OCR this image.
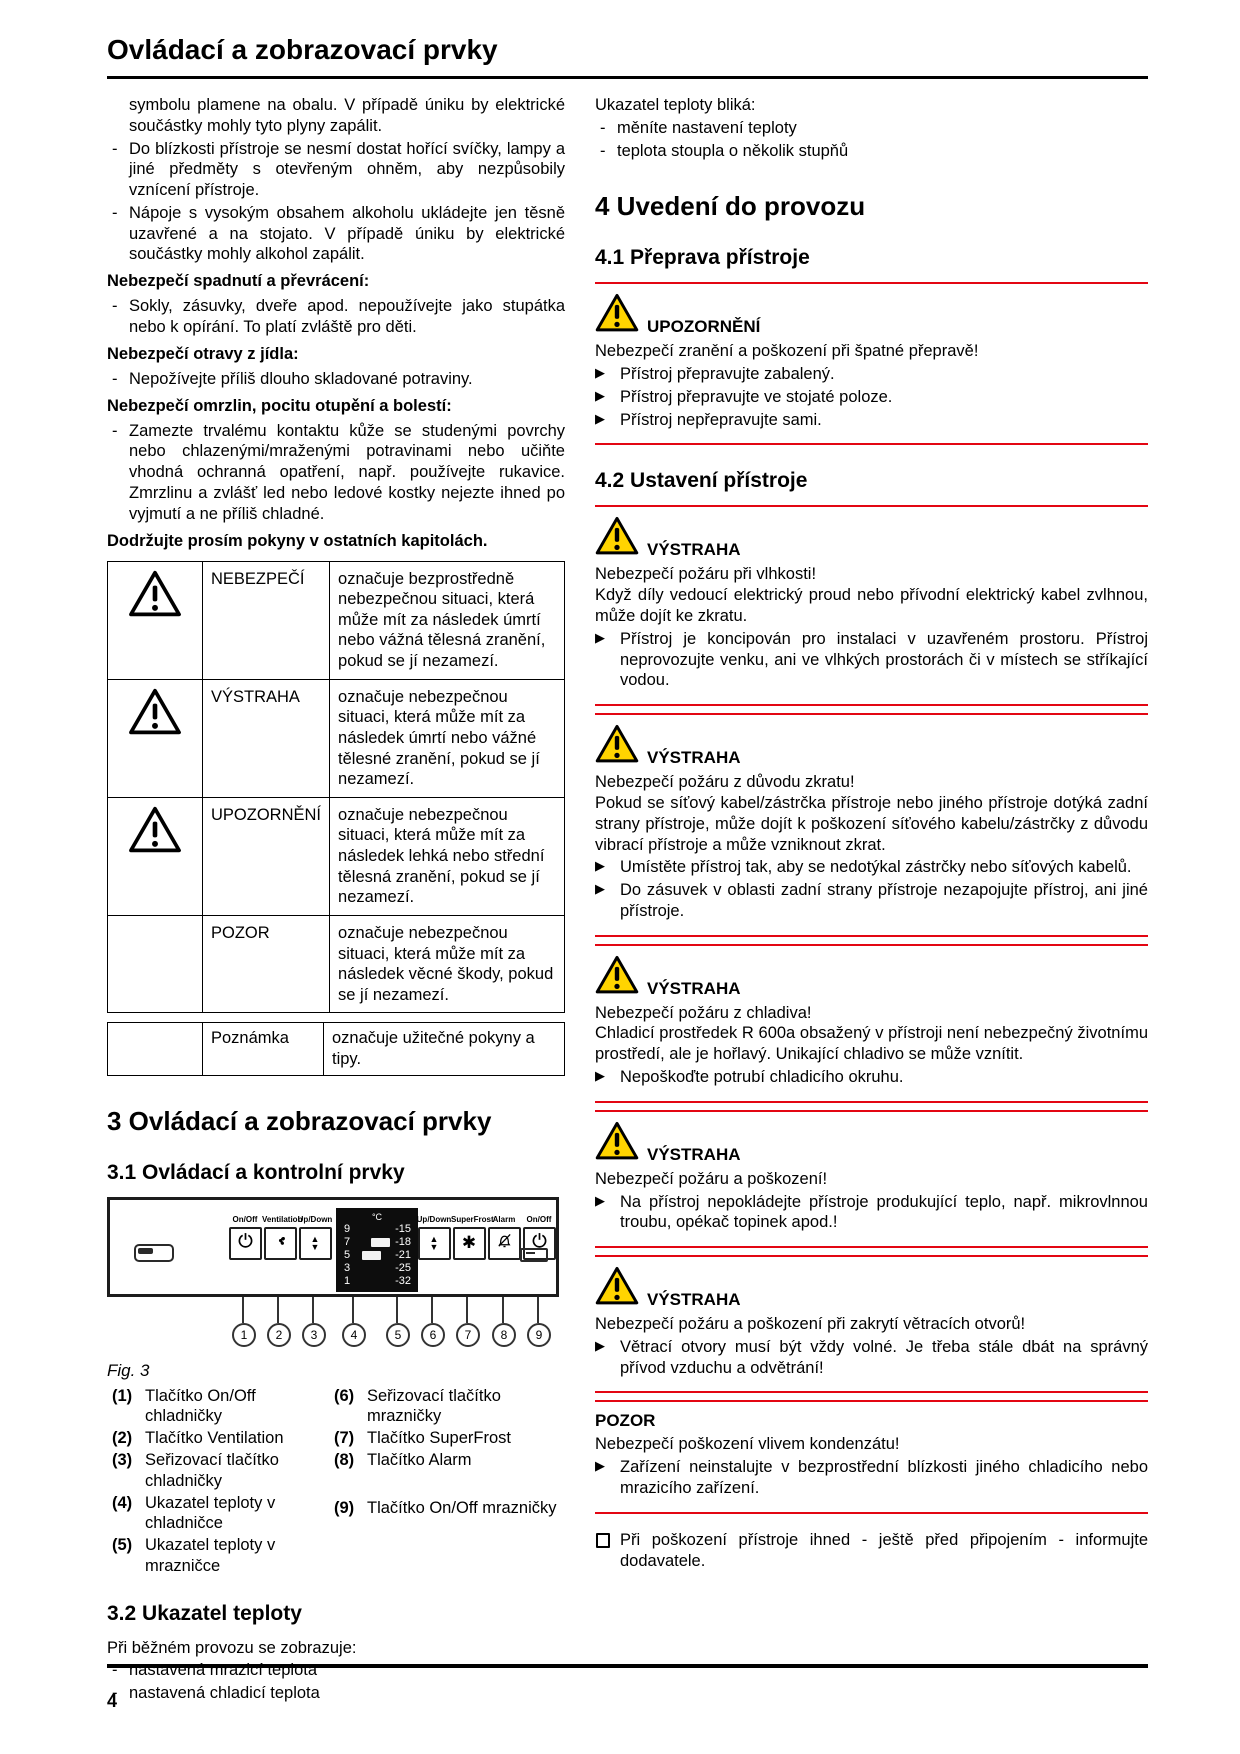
Ovládací a zobrazovací prvky

symbolu plamene na obalu. V případě úniku by elektrické součástky mohly tyto plyny zapálit.

- Do blízkosti přístroje se nesmí dostat hořící svíčky, lampy a jiné předměty s otevřeným ohněm, aby nezpůsobily vznícení přístroje.
- Nápoje s vysokým obsahem alkoholu ukládejte jen těsně uzavřené a na stojato. V případě úniku by elektrické součástky mohly alkohol zapálit.

Nebezpečí spadnutí a převrácení:

- Sokly, zásuvky, dveře apod. nepoužívejte jako stupátka nebo k opírání. To platí zvláště pro děti.

Nebezpečí otravy z jídla:

- Nepožívejte příliš dlouho skladované potraviny.

Nebezpečí omrzlin, pocitu otupění a bolestí:

- Zamezte trvalému kontaktu kůže se studenými povrchy nebo chlazenými/mraženými potravinami nebo učiňte vhodná ochranná opatření, např. používejte rukavice. Zmrzlinu a zvlášť led nebo ledové kostky nejezte ihned po vyjmutí a ne příliš chladné.

Dodržujte prosím pokyny v ostatních kapitolách.

	NEBEZPEČÍ	označuje bezprostředně nebezpečnou situaci, která může mít za následek úmrtí nebo vážná tělesná zranění, pokud se jí nezamezí.
	VÝSTRAHA	označuje nebezpečnou situaci, která může mít za následek úmrtí nebo vážné tělesné zranění, pokud se jí nezamezí.
	UPOZORNĚNÍ	označuje nebezpečnou situaci, která může mít za následek lehká nebo střední tělesná zranění, pokud se jí nezamezí.
	POZOR	označuje nebezpečnou situaci, která může mít za následek věcné škody, pokud se jí nezamezí.
	Poznámka	označuje užitečné pokyny a tipy.
3 Ovládací a zobrazovací prvky
3.1 Ovládací a kontrolní prvky
On/Off Ventilation
Up/Down
▲
▼
°C
9
7
5
3
1
-15
-18
-21
-25
-32
Up/Down
▲
▼
SuperFrost
✱
Alarm	On/Off
1	2	3	4	5	6	7	8	9
Fig. 3
(1) Tlačítko On/Off chladničky
(2) Tlačítko Ventilation
(3) Seřizovací tlačítko chladničky
(4) Ukazatel teploty v chladničce
(5) Ukazatel teploty v mrazničce
(6) Seřizovací tlačítko mrazničky
(7) Tlačítko SuperFrost
(8) Tlačítko Alarm
(9) Tlačítko On/Off mrazničky
3.2 Ukazatel teploty

Při běžném provozu se zobrazuje:

- nastavená mrazicí teplota
- nastavená chladicí teplota

Ukazatel teploty bliká:

- měníte nastavení teploty
- teplota stoupla o několik stupňů
4 Uvedení do provozu
4.1 Přeprava přístroje
UPOZORNĚNÍ

Nebezpečí zranění a poškození při špatné přepravě!

▶ Přístroj přepravujte zabalený.
▶ Přístroj přepravujte ve stojaté poloze.
▶ Přístroj nepřepravujte sami.
4.2 Ustavení přístroje
VÝSTRAHA

Nebezpečí požáru při vlhkosti!

Když díly vedoucí elektrický proud nebo přívodní elektrický kabel zvlhnou, může dojít ke zkratu.

▶ Přístroj je koncipován pro instalaci v uzavřeném prostoru. Přístroj neprovozujte venku, ani ve vlhkých prostorách či v místech se stříkající vodou.
VÝSTRAHA

Nebezpečí požáru z důvodu zkratu!

Pokud se síťový kabel/zástrčka přístroje nebo jiného přístroje dotýká zadní strany přístroje, může dojít k poškození síťového kabelu/zástrčky z důvodu vibrací přístroje a může vzniknout zkrat.

▶ Umístěte přístroj tak, aby se nedotýkal zástrčky nebo síťových kabelů.
▶ Do zásuvek v oblasti zadní strany přístroje nezapojujte přístroj, ani jiné přístroje.
VÝSTRAHA

Nebezpečí požáru z chladiva!

Chladicí prostředek R 600a obsažený v přístroji není nebezpečný životnímu prostředí, ale je hořlavý. Unikající chladivo se může vznítit.

▶ Nepoškoďte potrubí chladicího okruhu.
VÝSTRAHA

Nebezpečí požáru a poškození!

▶ Na přístroj nepokládejte přístroje produkující teplo, např. mikrovlnnou troubu, opékač topinek apod.!
VÝSTRAHA

Nebezpečí požáru a poškození při zakrytí větracích otvorů!

▶ Větrací otvory musí být vždy volné. Je třeba stále dbát na správný přívod vzduchu a odvětrání!
POZOR

Nebezpečí poškození vlivem kondenzátu!

▶ Zařízení neinstalujte v bezprostřední blízkosti jiného chladicího nebo mrazicího zařízení.
Při poškození přístroje ihned - ještě před připojením - informujte dodavatele.
4
